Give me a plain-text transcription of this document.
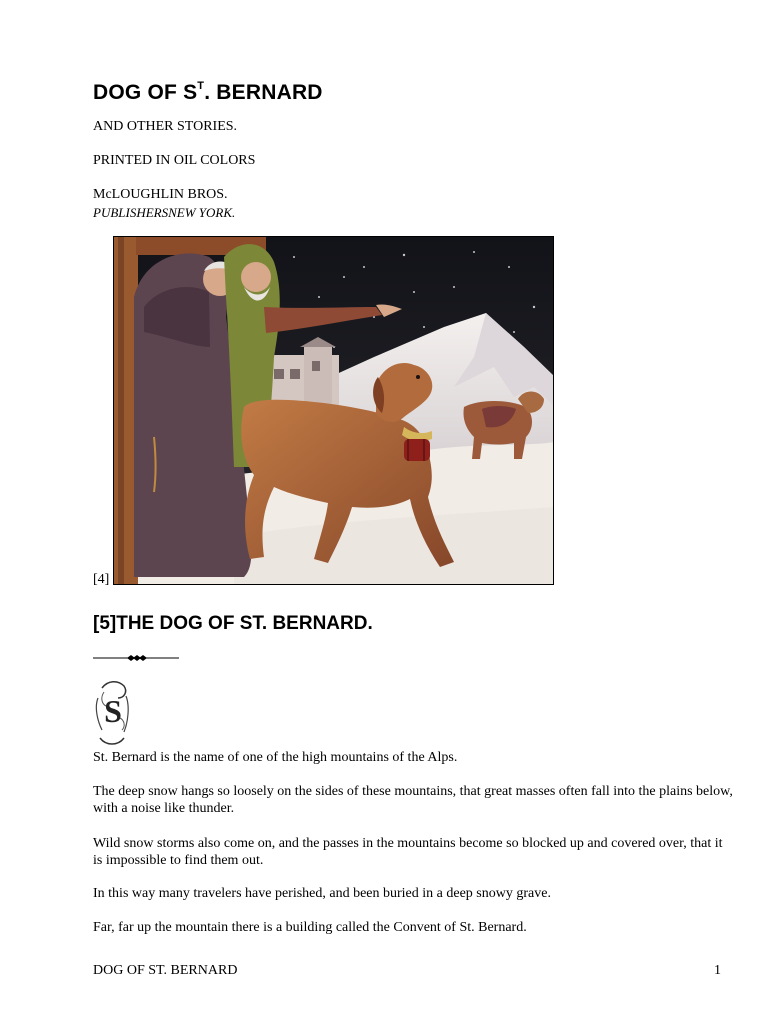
DOG OF $S^T$. BERNARD

AND OTHER STORIES.

PRINTED IN OIL COLORS

McLOUGHLIN BROS.

PUBLISHERSNEW YORK.

[4]
[5]THE DOG OF ST. BERNARD.
S

St. Bernard is the name of one of the high mountains of the Alps.

The deep snow hangs so loosely on the sides of these mountains, that great masses often fall into the plains below, with a noise like thunder.

Wild snow storms also come on, and the passes in the mountains become so blocked up and covered over, that it is impossible to find them out.

In this way many travelers have perished, and been buried in a deep snowy grave.

Far, far up the mountain there is a building called the Convent of St. Bernard.

DOG OF ST. BERNARD	1
